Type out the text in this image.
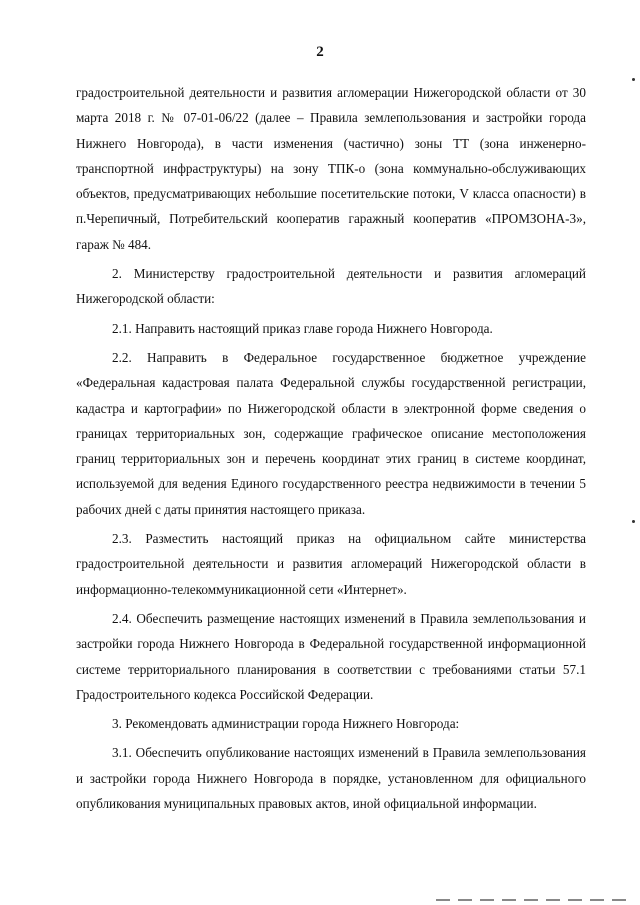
2

градостроительной деятельности и развития агломерации Нижегородской области от 30 марта 2018 г. № 07-01-06/22 (далее – Правила землепользования и застройки города Нижнего Новгорода), в части изменения (частично) зоны ТТ (зона инженерно-транспортной инфраструктуры) на зону ТПК-о (зона коммунально-обслуживающих объектов, предусматривающих небольшие посетительские потоки, V класса опасности) в п.Черепичный, Потребительский кооператив гаражный кооператив «ПРОМЗОНА-3», гараж № 484.

2. Министерству градостроительной деятельности и развития агломераций Нижегородской области:

2.1. Направить настоящий приказ главе города Нижнего Новгорода.

2.2. Направить в Федеральное государственное бюджетное учреждение «Федеральная кадастровая палата Федеральной службы государственной регистрации, кадастра и картографии» по Нижегородской области в электронной форме сведения о границах территориальных зон, содержащие графическое описание местоположения границ территориальных зон и перечень координат этих границ в системе координат, используемой для ведения Единого государственного реестра недвижимости в течении 5 рабочих дней с даты принятия настоящего приказа.

2.3. Разместить настоящий приказ на официальном сайте министерства градостроительной деятельности и развития агломераций Нижегородской области в информационно-телекоммуникационной сети «Интернет».

2.4. Обеспечить размещение настоящих изменений в Правила землепользования и застройки города Нижнего Новгорода в Федеральной государственной информационной системе территориального планирования в соответствии с требованиями статьи 57.1 Градостроительного кодекса Российской Федерации.

3. Рекомендовать администрации города Нижнего Новгорода:

3.1. Обеспечить опубликование настоящих изменений в Правила землепользования и застройки города Нижнего Новгорода в порядке, установленном для официального опубликования муниципальных правовых актов, иной официальной информации.
